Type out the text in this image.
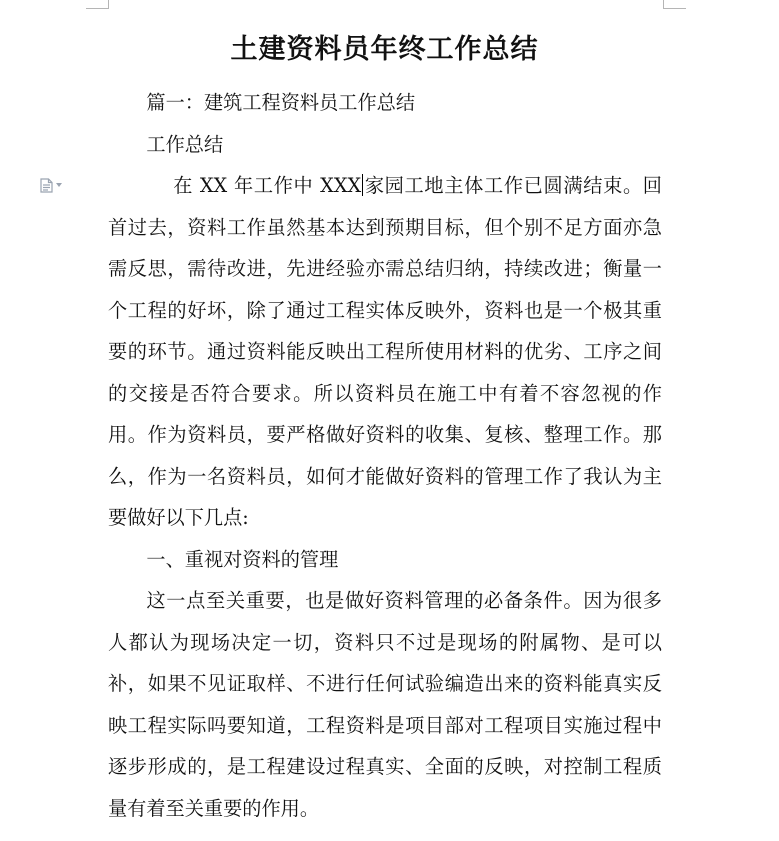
土建资料员年终工作总结

篇一：建筑工程资料员工作总结

工作总结

在 XX 年工作中 XXX 家园工地主体工作已圆满结束。回首过去，资料工作虽然基本达到预期目标，但个别不足方面亦急需反思，需待改进，先进经验亦需总结归纳，持续改进；衡量一个工程的好坏，除了通过工程实体反映外，资料也是一个极其重要的环节。通过资料能反映出工程所使用材料的优劣、工序之间的交接是否符合要求。所以资料员在施工中有着不容忽视的作用。作为资料员，要严格做好资料的收集、复核、整理工作。那么，作为一名资料员，如何才能做好资料的管理工作了我认为主要做好以下几点:

一、重视对资料的管理

这一点至关重要，也是做好资料管理的必备条件。因为很多人都认为现场决定一切，资料只不过是现场的附属物、是可以补，如果不见证取样、不进行任何试验编造出来的资料能真实反映工程实际吗要知道，工程资料是项目部对工程项目实施过程中逐步形成的，是工程建设过程真实、全面的反映，对控制工程质量有着至关重要的作用。
